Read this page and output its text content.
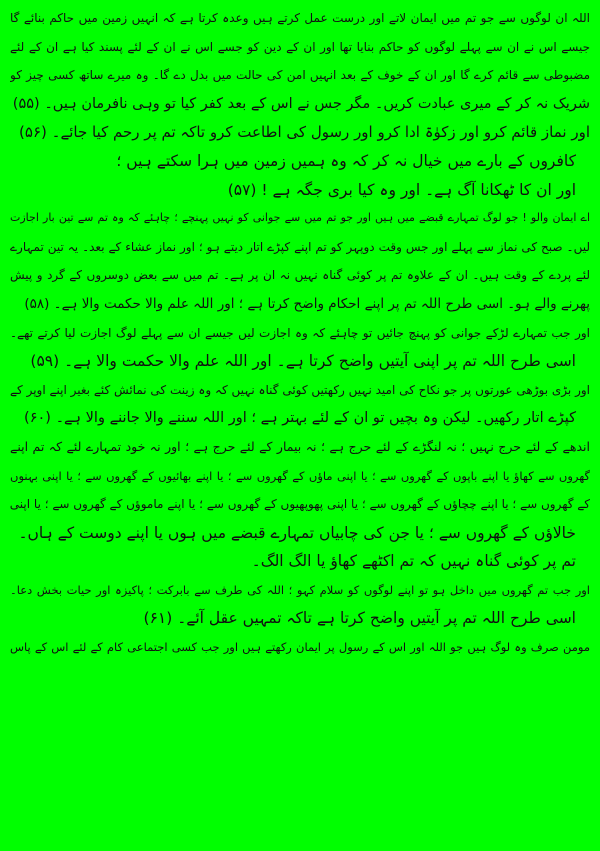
اللہ ان لوگوں سے جو تم میں ایمان لاتے اور درست عمل کرتے ہیں وعدہ کرتا ہے کہ انہیں زمین میں حاکم بنائے گا
جیسے اس نے ان سے پہلے لوگوں کو حاکم بنایا تھا اور ان کے دین کو جسے اس نے ان کے لئے پسند کیا ہے ان کے لئے
مضبوطی سے قائم کرے گا اور ان کے خوف کے بعد انہیں امن کی حالت میں بدل دے گا۔ وہ میرے ساتھ کسی چیز کو
شریک نہ کر کے میری عبادت کریں۔ مگر جس نے اس کے بعد کفر کیا تو وہی نافرمان ہیں۔ (۵۵)
اور نماز قائم کرو اور زکوٰۃ ادا کرو اور رسول کی اطاعت کرو تاکہ تم پر رحم کیا جائے۔ (۵۶)
کافروں کے بارے میں خیال نہ کر کہ وہ ہمیں زمین میں ہرا سکتے ہیں ؛
اور ان کا ٹھکانا آگ ہے۔ اور وہ کیا بری جگہ ہے ! (۵۷)
اے ایمان والو ! جو لوگ تمہارے قبضے میں ہیں اور جو تم میں سے جوانی کو نہیں پہنچے ؛ چاہئے کہ وہ تم سے تین بار اجازت
لیں۔ صبح کی نماز سے پہلے اور جس وقت دوپہر کو تم اپنے کپڑے اتار دیتے ہو ؛ اور نماز عشاء کے بعد۔ یہ تین تمہارے
لئے پردے کے وقت ہیں۔ ان کے علاوہ تم پر کوئی گناہ نہیں نہ ان پر ہے۔ تم میں سے بعض دوسروں کے گرد و پیش
پھرنے والے ہو۔ اسی طرح اللہ تم پر اپنے احکام واضح کرتا ہے ؛ اور اللہ علم والا حکمت والا ہے۔ (۵۸)
اور جب تمہارے لڑکے جوانی کو پہنچ جائیں تو چاہئے کہ وہ اجازت لیں جیسے ان سے پہلے لوگ اجازت لیا کرتے تھے۔
اسی طرح اللہ تم پر اپنی آیتیں واضح کرتا ہے۔ اور اللہ علم والا حکمت والا ہے۔ (۵۹)
اور بڑی بوڑھی عورتوں پر جو نکاح کی امید نہیں رکھتیں کوئی گناہ نہیں کہ وہ زینت کی نمائش کئے بغیر اپنے اوپر کے
کپڑے اتار رکھیں۔ لیکن وہ بچیں تو ان کے لئے بہتر ہے ؛ اور اللہ سننے والا جاننے والا ہے۔ (۶۰)
اندھے کے لئے حرج نہیں ؛ نہ لنگڑے کے لئے حرج ہے ؛ نہ بیمار کے لئے حرج ہے ؛ اور نہ خود تمہارے لئے کہ تم اپنے
گھروں سے کھاؤ یا اپنے باپوں کے گھروں سے ؛ یا اپنی ماؤں کے گھروں سے ؛ یا اپنے بھائیوں کے گھروں سے ؛ یا اپنی بہنوں
کے گھروں سے ؛ یا اپنے چچاؤں کے گھروں سے ؛ یا اپنی پھوپھیوں کے گھروں سے ؛ یا اپنے ماموؤں کے گھروں سے ؛ یا اپنی
خالاؤں کے گھروں سے ؛ یا جن کی چابیاں تمہارے قبضے میں ہوں یا اپنے دوست کے ہاں۔
تم پر کوئی گناہ نہیں کہ تم اکٹھے کھاؤ یا الگ الگ۔
اور جب تم گھروں میں داخل ہو تو اپنے لوگوں کو سلام کہو ؛ اللہ کی طرف سے بابرکت ؛ پاکیزہ اور حیات بخش دعا۔
اسی طرح اللہ تم پر آیتیں واضح کرتا ہے تاکہ تمہیں عقل آئے۔ (۶۱)
مومن صرف وہ لوگ ہیں جو اللہ اور اس کے رسول پر ایمان رکھتے ہیں اور جب کسی اجتماعی کام کے لئے اس کے پاس
